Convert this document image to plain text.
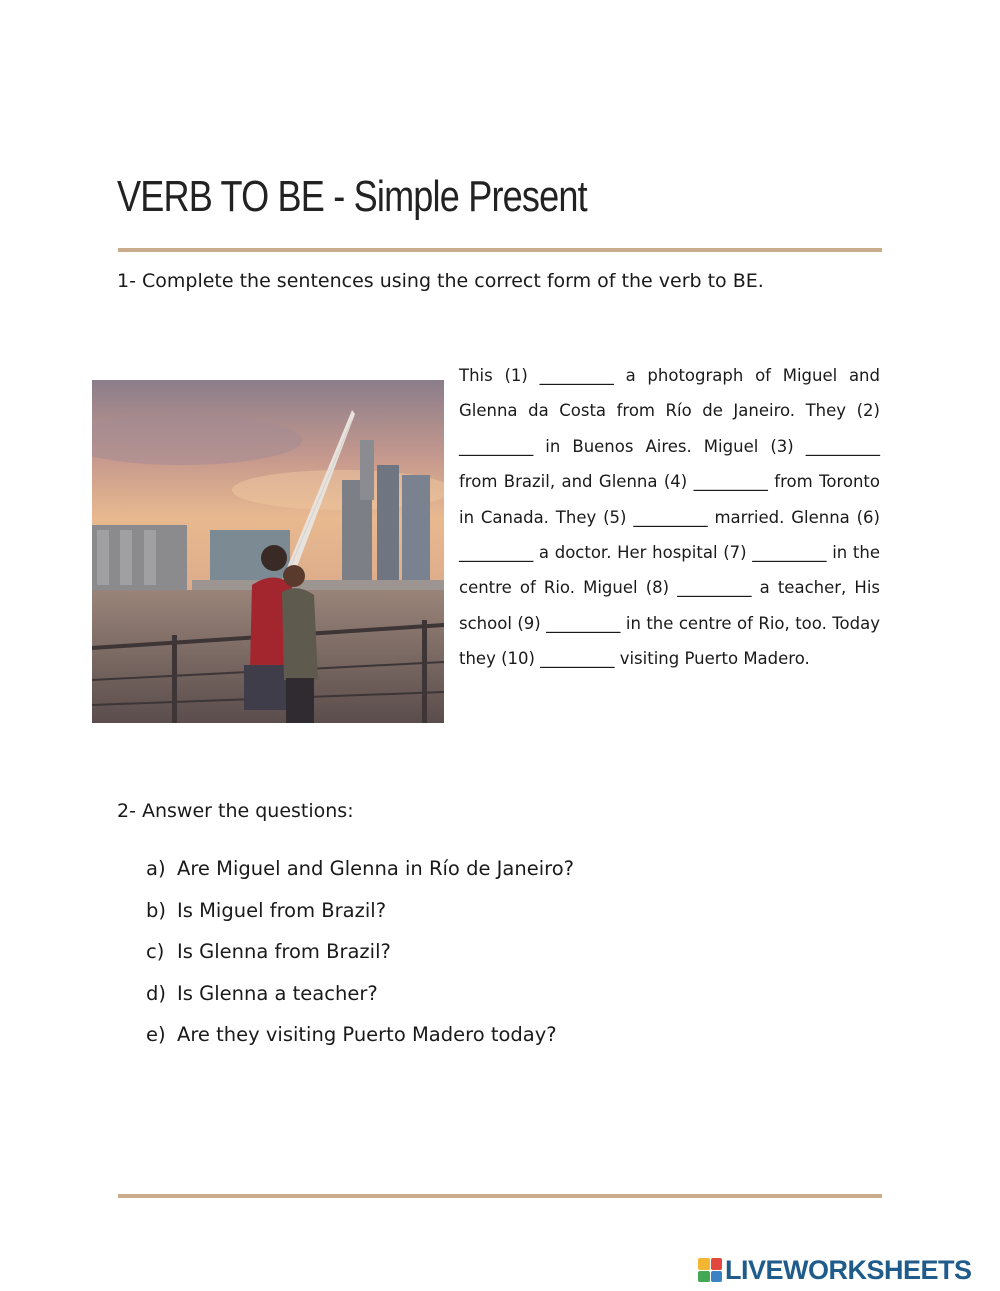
VERB TO BE - Simple Present
1- Complete the sentences using the correct form of the verb to BE.
This (1) _________ a photograph of Miguel and Glenna da Costa from Río de Janeiro. They (2) _________ in Buenos Aires. Miguel (3) _________ from Brazil, and Glenna (4) _________ from Toronto in Canada. They (5) _________ married. Glenna (6) _________ a doctor. Her hospital (7) _________ in the centre of Rio. Miguel (8) _________ a teacher, His school (9) _________ in the centre of Rio, too. Today they (10) _________ visiting Puerto Madero.
2- Answer the questions:
a) Are Miguel and Glenna in Río de Janeiro?
b) Is Miguel from Brazil?
c) Is Glenna from Brazil?
d) Is Glenna a teacher?
e) Are they visiting Puerto Madero today?
LIVEWORKSHEETS
